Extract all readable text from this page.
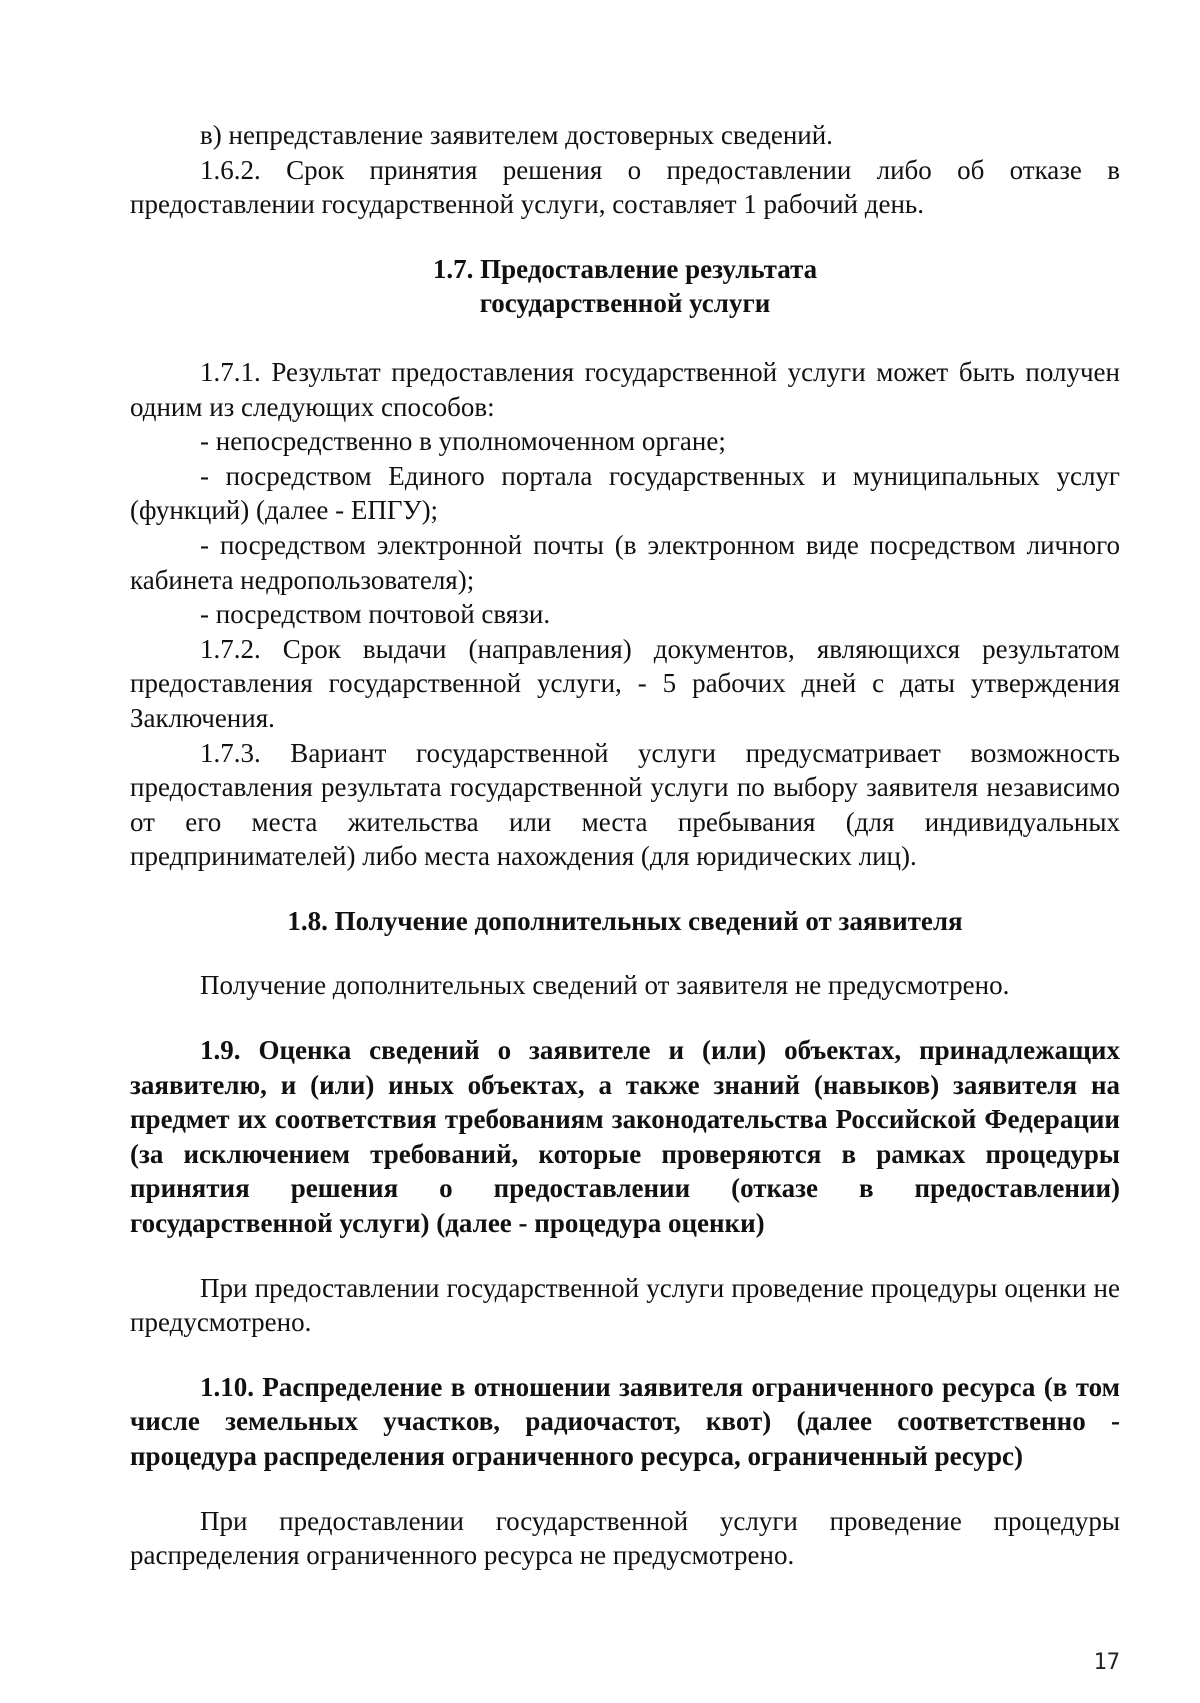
в) непредставление заявителем достоверных сведений.

1.6.2. Срок принятия решения о предоставлении либо об отказе в предоставлении государственной услуги, составляет 1 рабочий день.

1.7. Предоставление результата
государственной услуги

1.7.1. Результат предоставления государственной услуги может быть получен одним из следующих способов:

- непосредственно в уполномоченном органе;

- посредством Единого портала государственных и муниципальных услуг (функций) (далее - ЕПГУ);

- посредством электронной почты (в электронном виде посредством личного кабинета недропользователя);

- посредством почтовой связи.

1.7.2. Срок выдачи (направления) документов, являющихся результатом предоставления государственной услуги, - 5 рабочих дней с даты утверждения Заключения.

1.7.3. Вариант государственной услуги предусматривает возможность предоставления результата государственной услуги по выбору заявителя независимо от его места жительства или места пребывания (для индивидуальных предпринимателей) либо места нахождения (для юридических лиц).

1.8. Получение дополнительных сведений от заявителя

Получение дополнительных сведений от заявителя не предусмотрено.

1.9. Оценка сведений о заявителе и (или) объектах, принадлежащих заявителю, и (или) иных объектах, а также знаний (навыков) заявителя на предмет их соответствия требованиям законодательства Российской Федерации (за исключением требований, которые проверяются в рамках процедуры принятия решения о предоставлении (отказе в предоставлении) государственной услуги) (далее - процедура оценки)

При предоставлении государственной услуги проведение процедуры оценки не предусмотрено.

1.10. Распределение в отношении заявителя ограниченного ресурса (в том числе земельных участков, радиочастот, квот) (далее соответственно - процедура распределения ограниченного ресурса, ограниченный ресурс)

При предоставлении государственной услуги проведение процедуры распределения ограниченного ресурса не предусмотрено.

17
